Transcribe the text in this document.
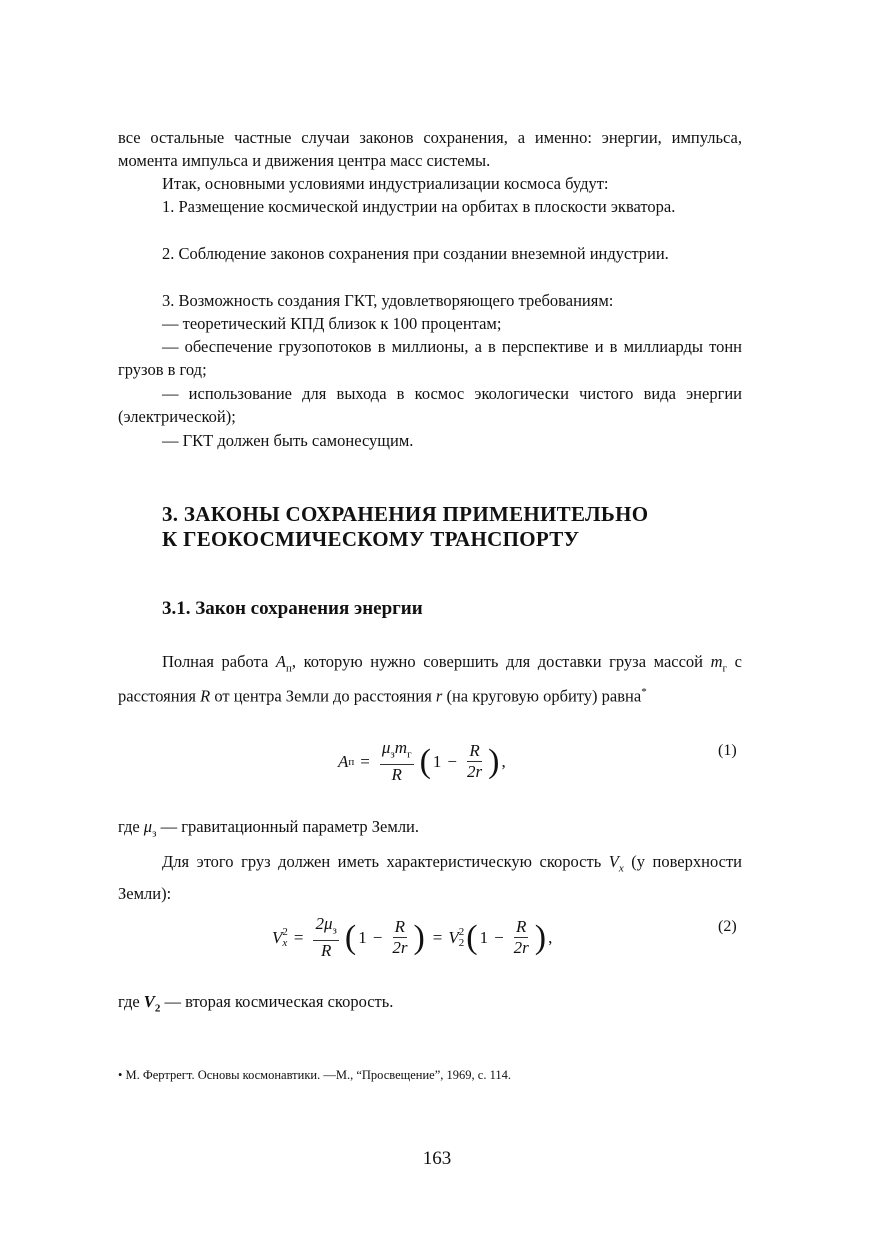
все остальные частные случаи законов сохранения, а именно: энергии, импульса, момента импульса и движения центра масс системы.
Итак, основными условиями индустриализации космоса будут:
1. Размещение космической индустрии на орбитах в плоскости экватора.
2. Соблюдение законов сохранения при создании внеземной индустрии.
3. Возможность создания ГКТ, удовлетворяющего требованиям:
— теоретический КПД близок к 100 процентам;
— обеспечение грузопотоков в миллионы, а в перспективе и в миллиарды тонн грузов в год;
— использование для выхода в космос экологически чистого вида энергии (электрической);
— ГКТ должен быть самонесущим.
3. ЗАКОНЫ СОХРАНЕНИЯ ПРИМЕНИТЕЛЬНО
К ГЕОКОСМИЧЕСКОМУ ТРАНСПОРТУ
3.1. Закон сохранения энергии
Полная работа $A_п$, которую нужно совершить для доставки груза массой $m_г$ с расстояния R от центра Земли до расстояния r (на круговую орбиту) равна*
A $п = \frac{\mu_зm_г}{R}$ ( $1 - \frac{R}{2r}$ ) ,
(1)
где $\mu_з$ — гравитационный параметр Земли.
Для этого груз должен иметь характеристическую скорость $V_x$ (у поверхности Земли):
V 2
$x = \frac{2\mu_з}{R}$ ( $1 - \frac{R}{2r}$ ) = V 2
2 ( $1 - \frac{R}{2r}$ ) ,
(2)
где $V_2$ — вторая космическая скорость.
• М. Фертрегт. Основы космонавтики. —М., “Просвещение”, 1969, с. 114.
163
